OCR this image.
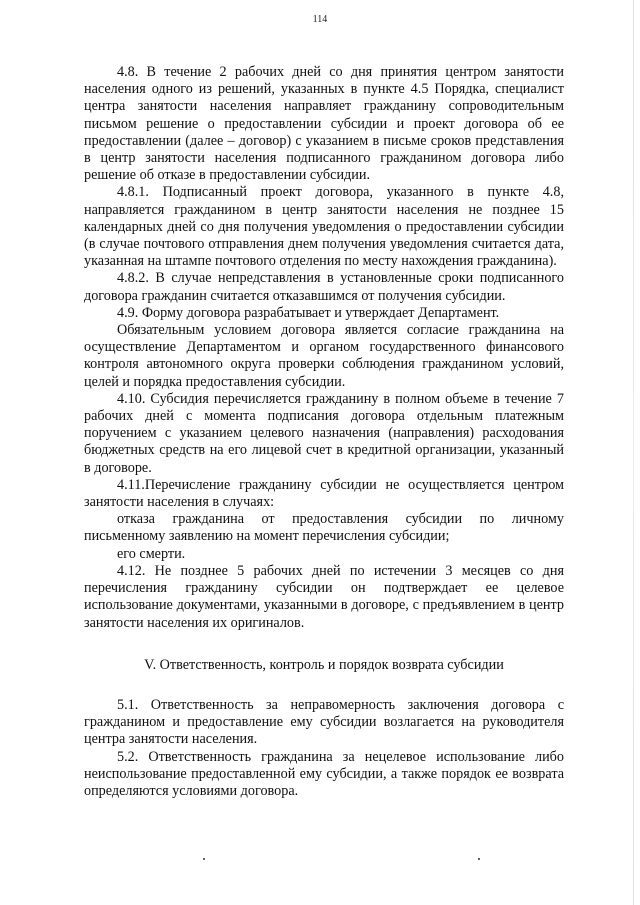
114

4.8. В течение 2 рабочих дней со дня принятия центром занятости населения одного из решений, указанных в пункте 4.5 Порядка, специалист центра занятости населения направляет гражданину сопроводительным письмом решение о предоставлении субсидии и проект договора об ее предоставлении (далее – договор) с указанием в письме сроков представления в центр занятости населения подписанного гражданином договора либо решение об отказе в предоставлении субсидии.

4.8.1. Подписанный проект договора, указанного в пункте 4.8, направляется гражданином в центр занятости населения не позднее 15 календарных дней со дня получения уведомления о предоставлении субсидии (в случае почтового отправления днем получения уведомления считается дата, указанная на штампе почтового отделения по месту нахождения гражданина).

4.8.2. В случае непредставления в установленные сроки подписанного договора гражданин считается отказавшимся от получения субсидии.

4.9. Форму договора разрабатывает и утверждает Департамент.

Обязательным условием договора является согласие гражданина на осуществление Департаментом и органом государственного финансового контроля автономного округа проверки соблюдения гражданином условий, целей и порядка предоставления субсидии.

4.10. Субсидия перечисляется гражданину в полном объеме в течение 7 рабочих дней с момента подписания договора отдельным платежным поручением с указанием целевого назначения (направления) расходования бюджетных средств на его лицевой счет в кредитной организации, указанный в договоре.

4.11.Перечисление гражданину субсидии не осуществляется центром занятости населения в случаях:

отказа гражданина от предоставления субсидии по личному письменному заявлению на момент перечисления субсидии;

его смерти.

4.12. Не позднее 5 рабочих дней по истечении 3 месяцев со дня перечисления гражданину субсидии он подтверждает ее целевое использование документами, указанными в договоре, с предъявлением в центр занятости населения их оригиналов.

V. Ответственность, контроль и порядок возврата субсидии

5.1. Ответственность за неправомерность заключения договора с гражданином и предоставление ему субсидии возлагается на руководителя центра занятости населения.

5.2. Ответственность гражданина за нецелевое использование либо неиспользование предоставленной ему субсидии, а также порядок ее возврата определяются условиями договора.
